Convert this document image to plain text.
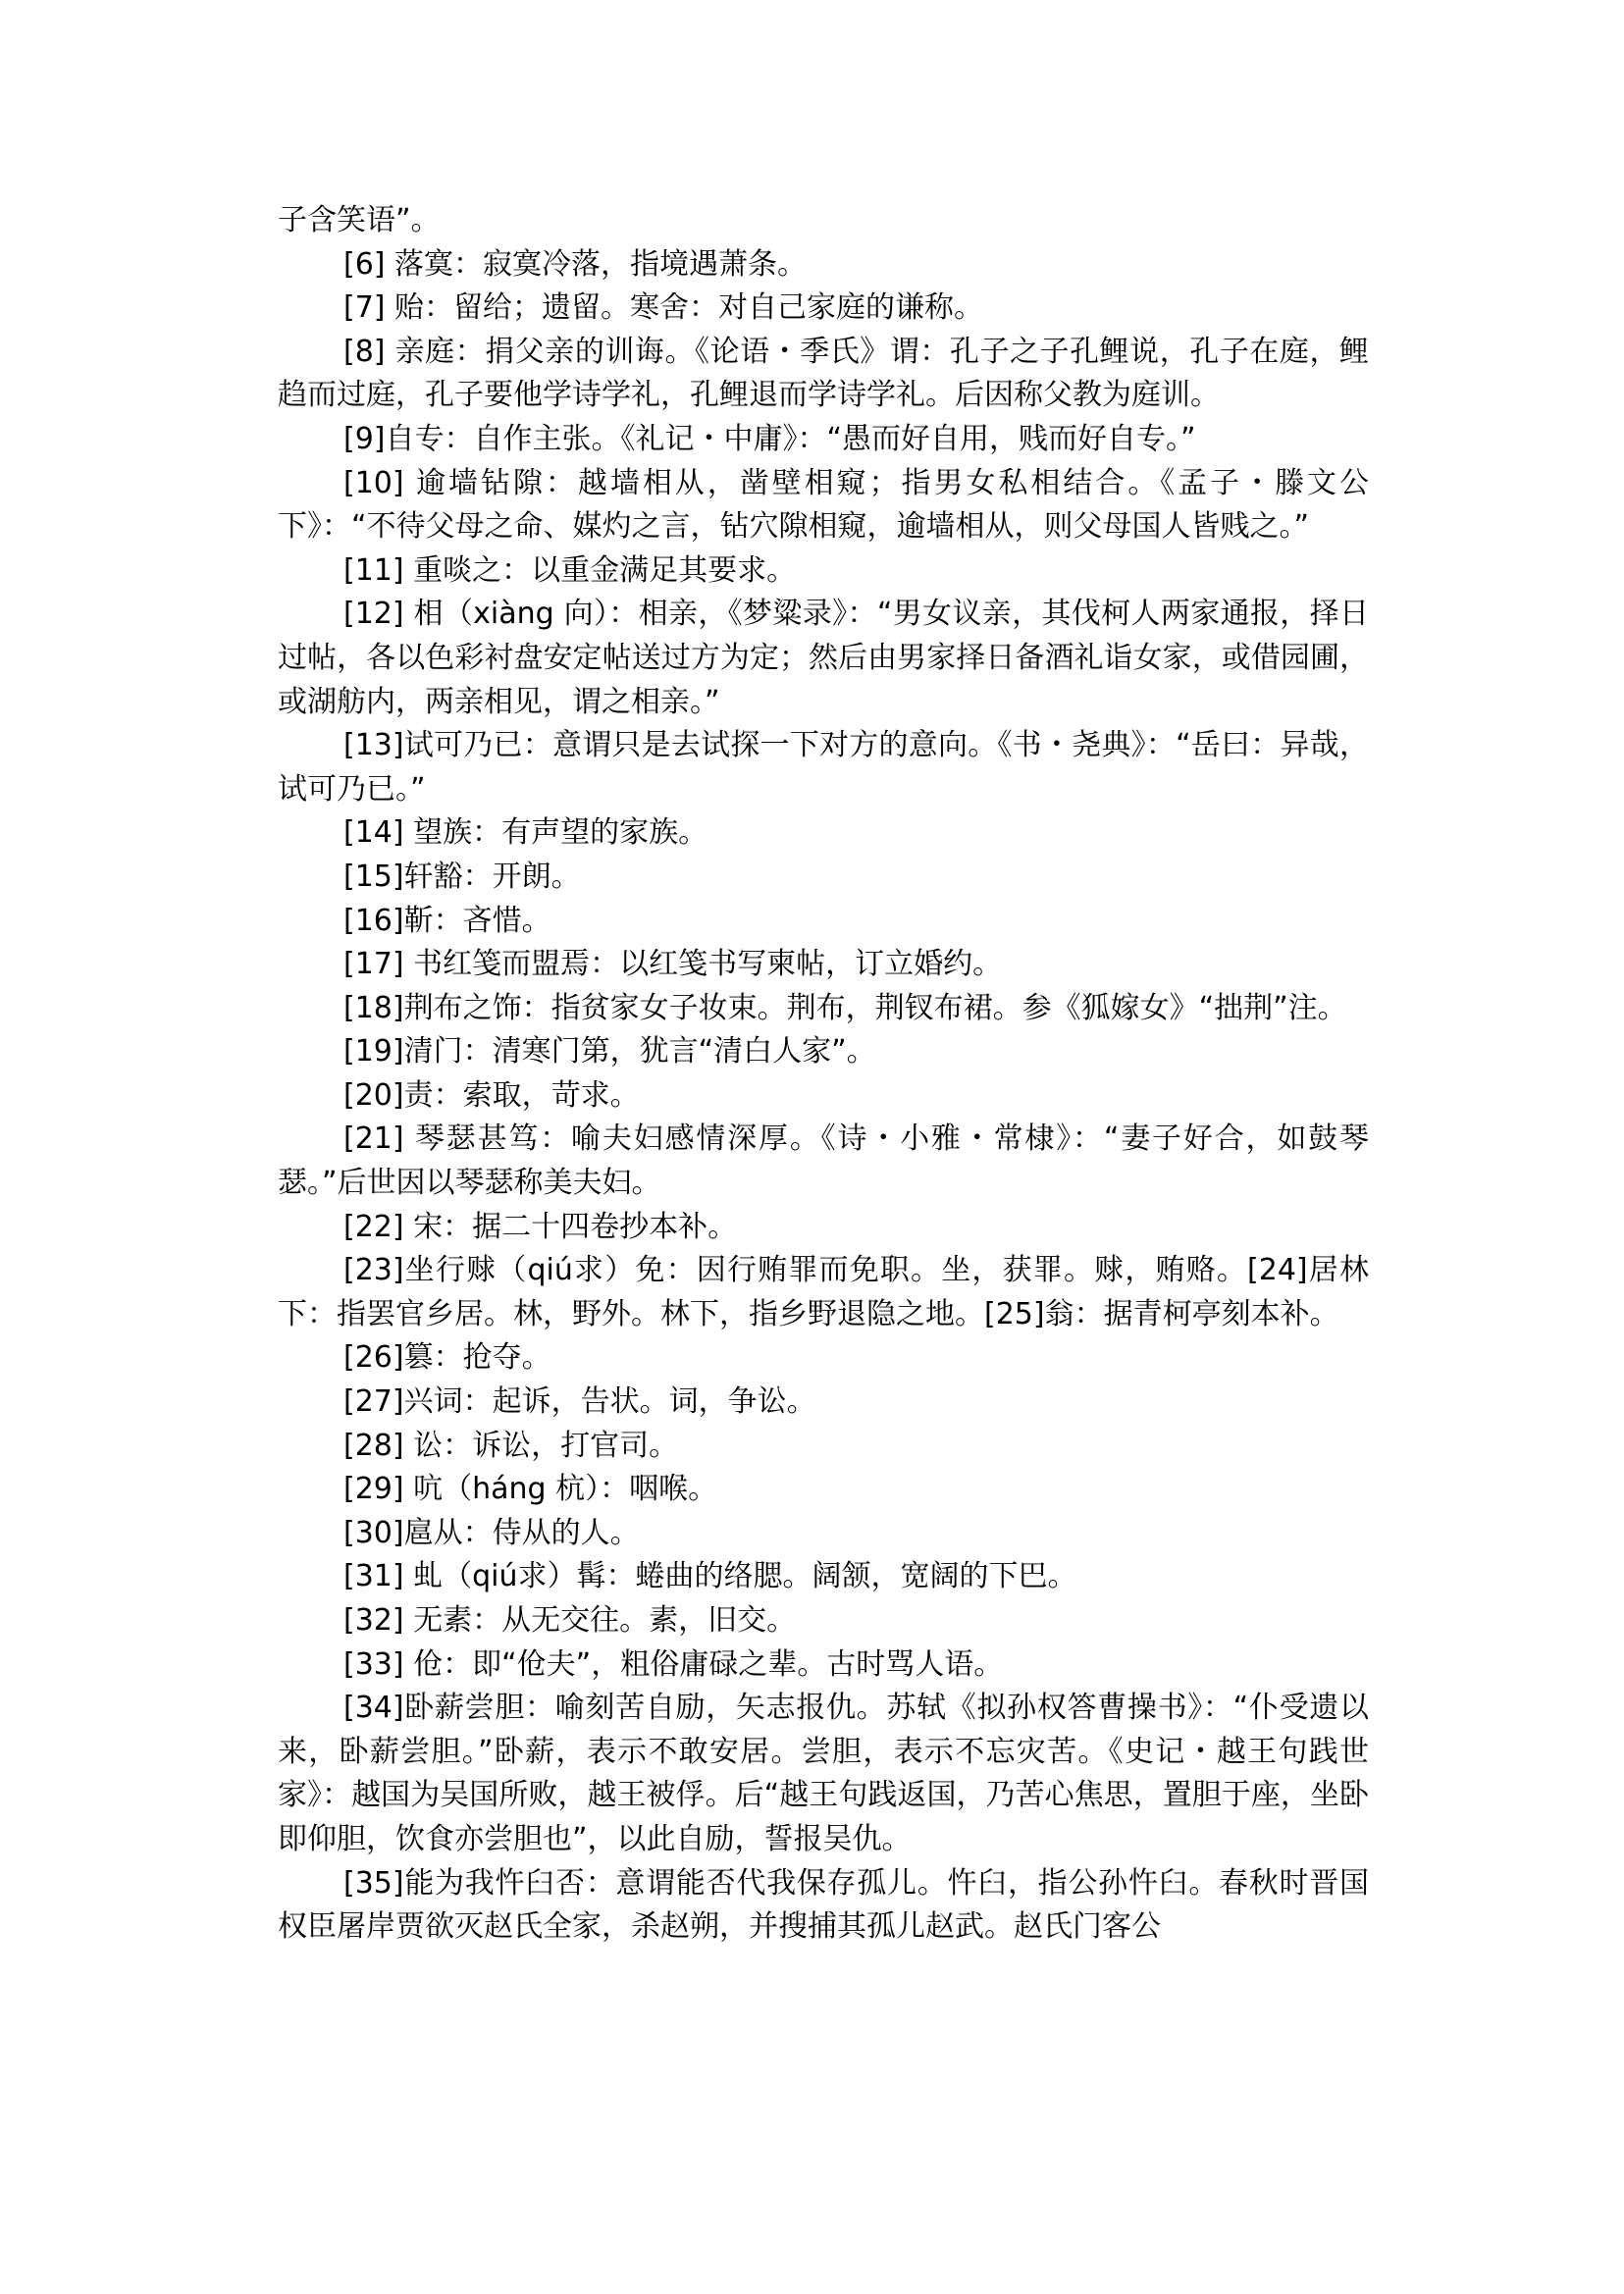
子含笑语”。

[6] 落寞：寂寞冷落，指境遇萧条。

[7] 贻：留给；遗留。寒舍：对自己家庭的谦称。

[8] 亲庭：捐父亲的训诲。《论语・季氏》谓：孔子之子孔鲤说，孔子在庭，鲤趋而过庭，孔子要他学诗学礼，孔鲤退而学诗学礼。后因称父教为庭训。

[9]自专：自作主张。《礼记・中庸》：“愚而好自用，贱而好自专。”

[10] 逾墙钻隙：越墙相从，凿壁相窥；指男女私相结合。《孟子・滕文公下》：“不待父母之命、媒灼之言，钻穴隙相窥，逾墙相从，则父母国人皆贱之。”

[11] 重啖之：以重金满足其要求。

[12] 相（xiàng 向）：相亲，《梦粱录》：“男女议亲，其伐柯人两家通报，择日过帖，各以色彩衬盘安定帖送过方为定；然后由男家择日备酒礼诣女家，或借园圃，或湖舫内，两亲相见，谓之相亲。”

[13]试可乃已：意谓只是去试探一下对方的意向。《书・尧典》：“岳曰：异哉，试可乃已。”

[14] 望族：有声望的家族。

[15]轩豁：开朗。

[16]靳：吝惜。

[17] 书红笺而盟焉：以红笺书写柬帖，订立婚约。

[18]荆布之饰：指贫家女子妆束。荆布，荆钗布裙。参《狐嫁女》“拙荆”注。

[19]清门：清寒门第，犹言“清白人家”。

[20]责：索取，苛求。

[21] 琴瑟甚笃：喻夫妇感情深厚。《诗・小雅・常棣》：“妻子好合，如鼓琴瑟。”后世因以琴瑟称美夫妇。

[22] 宋：据二十四卷抄本补。

[23]坐行赇（qiú求）免：因行贿罪而免职。坐，获罪。赇，贿赂。[24]居林下：指罢官乡居。林，野外。林下，指乡野退隐之地。[25]翁：据青柯亭刻本补。

[26]篡：抢夺。

[27]兴词：起诉，告状。词，争讼。

[28] 讼：诉讼，打官司。

[29] 吭（háng 杭）：咽喉。

[30]扈从：侍从的人。

[31] 虬（qiú求）髯：蜷曲的络腮。阔颔，宽阔的下巴。

[32] 无素：从无交往。素，旧交。

[33] 伧：即“伧夫”，粗俗庸碌之辈。古时骂人语。

[34]卧薪尝胆：喻刻苦自励，矢志报仇。苏轼《拟孙权答曹操书》：“仆受遗以来，卧薪尝胆。”卧薪，表示不敢安居。尝胆，表示不忘灾苦。《史记・越王句践世家》：越国为吴国所败，越王被俘。后“越王句践返国，乃苦心焦思，置胆于座，坐卧即仰胆，饮食亦尝胆也”，以此自励，誓报吴仇。

[35]能为我忤臼否：意谓能否代我保存孤儿。忤臼，指公孙忤臼。春秋时晋国权臣屠岸贾欲灭赵氏全家，杀赵朔，并搜捕其孤儿赵武。赵氏门客公
